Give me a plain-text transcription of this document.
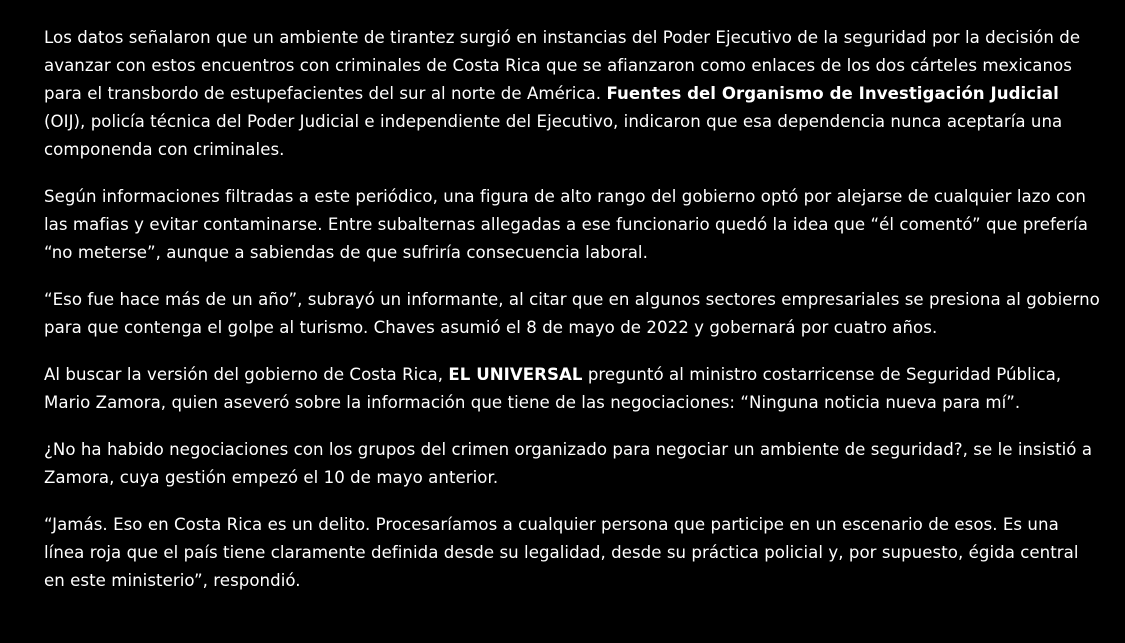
Los datos señalaron que un ambiente de tirantez surgió en instancias del Poder Ejecutivo de la seguridad por la decisión de avanzar con estos encuentros con criminales de Costa Rica que se afianzaron como enlaces de los dos cárteles mexicanos para el transbordo de estupefacientes del sur al norte de América. Fuentes del Organismo de Investigación Judicial (OIJ), policía técnica del Poder Judicial e independiente del Ejecutivo, indicaron que esa dependencia nunca aceptaría una componenda con criminales.

Según informaciones filtradas a este periódico, una figura de alto rango del gobierno optó por alejarse de cualquier lazo con las mafias y evitar contaminarse. Entre subalternas allegadas a ese funcionario quedó la idea que “él comentó” que prefería “no meterse”, aunque a sabiendas de que sufriría consecuencia laboral.

“Eso fue hace más de un año”, subrayó un informante, al citar que en algunos sectores empresariales se presiona al gobierno para que contenga el golpe al turismo. Chaves asumió el 8 de mayo de 2022 y gobernará por cuatro años.

Al buscar la versión del gobierno de Costa Rica, EL UNIVERSAL preguntó al ministro costarricense de Seguridad Pública, Mario Zamora, quien aseveró sobre la información que tiene de las negociaciones: “Ninguna noticia nueva para mí”.

¿No ha habido negociaciones con los grupos del crimen organizado para negociar un ambiente de seguridad?, se le insistió a Zamora, cuya gestión empezó el 10 de mayo anterior.

“Jamás. Eso en Costa Rica es un delito. Procesaríamos a cualquier persona que participe en un escenario de esos. Es una línea roja que el país tiene claramente definida desde su legalidad, desde su práctica policial y, por supuesto, égida central en este ministerio”, respondió.
